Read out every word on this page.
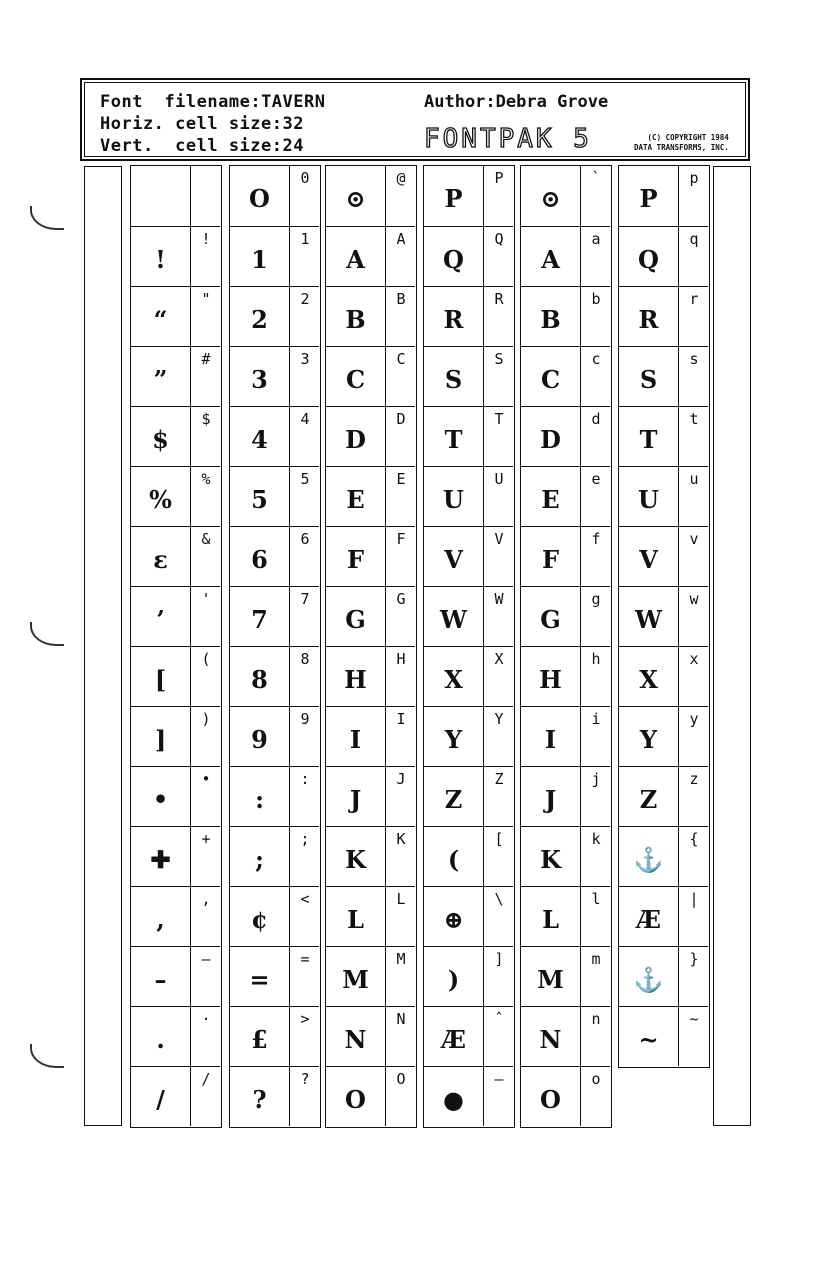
Font filename:TAVERN
Horiz. cell size:32
Vert.  cell size:24
Author:Debra Grove
FONTPAK 5	(C) COPYRIGHT 1984
DATA TRANSFORMS, INC.
!
!
“
"
”
#
$
$
%
%
ε
&
’
'
[
(
]
)
•
•
✚
+
,
,
–
–
.
·
/
/
O
0
1
1
2
2
3
3
4
4
5
5
6
6
7
7
8
8
9
9
:
:
;
;
¢
<
=
=
£
>
?
?
⊙
@
A
A
B
B
C
C
D
D
E
E
F
F
G
G
H
H
I
I
J
J
K
K
L
L
M
M
N
N
O
O
P
P
Q
Q
R
R
S
S
T
T
U
U
V
V
W
W
X
X
Y
Y
Z
Z
(
[
⊕
\
)
]
Æ
ˆ
●
—
⊙
`
A
a
B
b
C
c
D
d
E
e
F
f
G
g
H
h
I
i
J
j
K
k
L
l
M
m
N
n
O
o
P
p
Q
q
R
r
S
s
T
t
U
u
V
v
W
w
X
x
Y
y
Z
z
⚓
{
Æ
|
⚓
}
~
~
